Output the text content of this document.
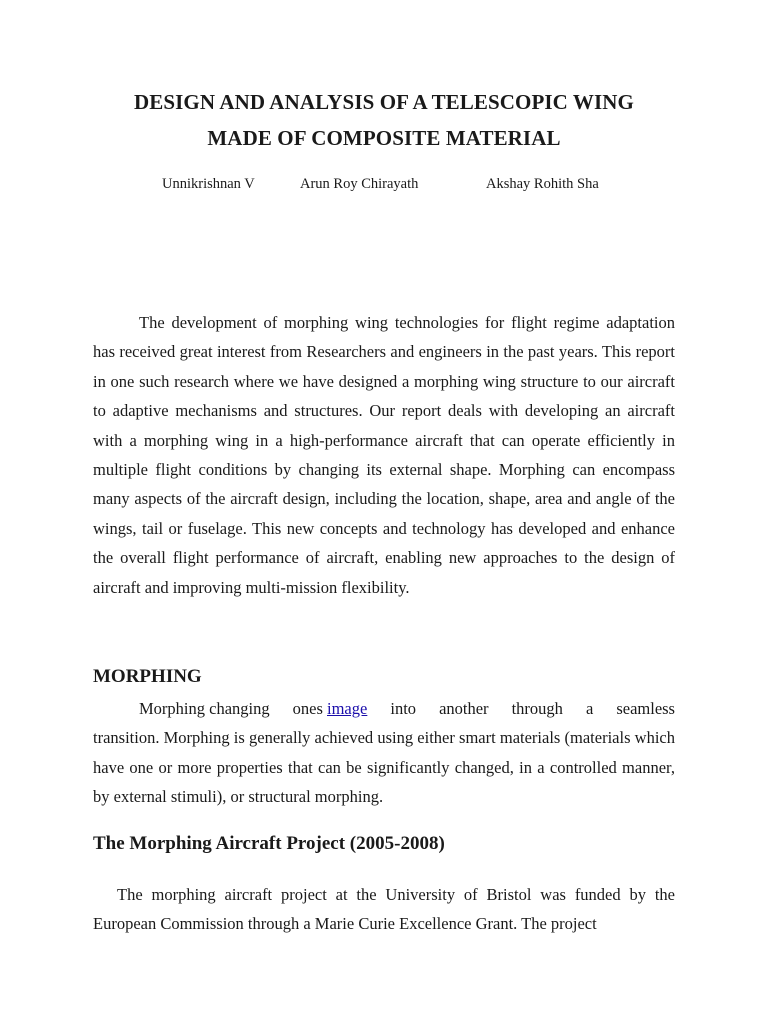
DESIGN AND ANALYSIS OF A TELESCOPIC WING
MADE OF COMPOSITE MATERIAL
Unnikrishnan V	Arun Roy Chirayath	Akshay Rohith Sha
The development of morphing wing technologies for flight regime adaptation has received great interest from Researchers and engineers in the past years. This report in one such research where we have designed a morphing wing structure to our aircraft to adaptive mechanisms and structures. Our report deals with developing an aircraft with a morphing wing in a high-performance aircraft that can operate efficiently in multiple flight conditions by changing its external shape. Morphing can encompass many aspects of the aircraft design, including the location, shape, area and angle of the wings, tail or fuselage. This new concepts and technology has developed and enhance the overall flight performance of aircraft, enabling new approaches to the design of aircraft and improving multi-mission flexibility.
MORPHING
Morphing changing ones image into another through a seamless
transition. Morphing is generally achieved using either smart materials (materials which have one or more properties that can be significantly changed, in a controlled manner, by external stimuli), or structural morphing.
The Morphing Aircraft Project (2005-2008)
The morphing aircraft project at the University of Bristol was funded by the European Commission through a Marie Curie Excellence Grant. The project
